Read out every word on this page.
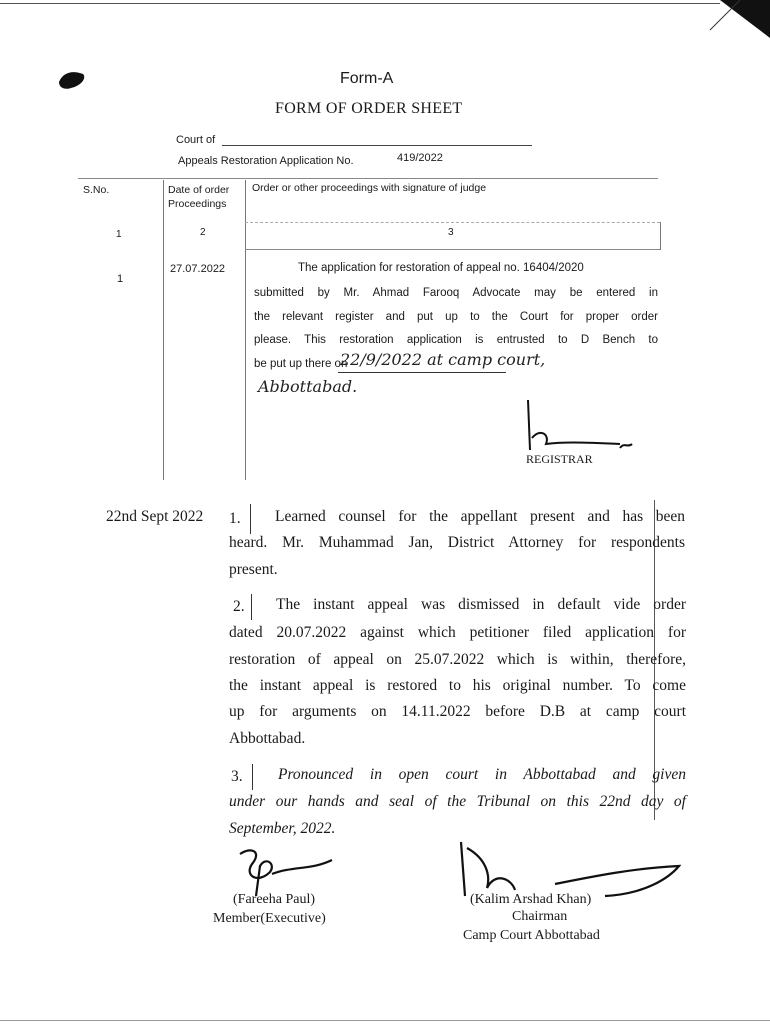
Form-A
FORM OF ORDER SHEET
Court of
Appeals Restoration Application No.	419/2022
S.No.	Date of order Proceedings
Order or other proceedings with signature of judge
1	2	3
1
27.07.2022	The application for restoration of appeal no. 16404/2020
submitted by Mr. Ahmad Farooq Advocate may be entered in
the relevant register and put up to the Court for proper order
please. This restoration application is entrusted to D Bench to
be put up there on
22/9/2022 at camp court,
Abbottabad.
REGISTRAR
22nd Sept 2022 1. Learned counsel for the appellant present and has been
heard. Mr. Muhammad Jan, District Attorney for respondents
present.
2. The instant appeal was dismissed in default vide order
dated 20.07.2022 against which petitioner filed application for
restoration of appeal on 25.07.2022 which is within, therefore,
the instant appeal is restored to his original number. To come
up for arguments on 14.11.2022 before D.B at camp court
Abbottabad.
3. Pronounced in open court in Abbottabad and given
under our hands and seal of the Tribunal on this 22nd day of
September, 2022.
(Fareeha Paul)
Member(Executive)
(Kalim Arshad Khan)
Chairman
Camp Court Abbottabad
